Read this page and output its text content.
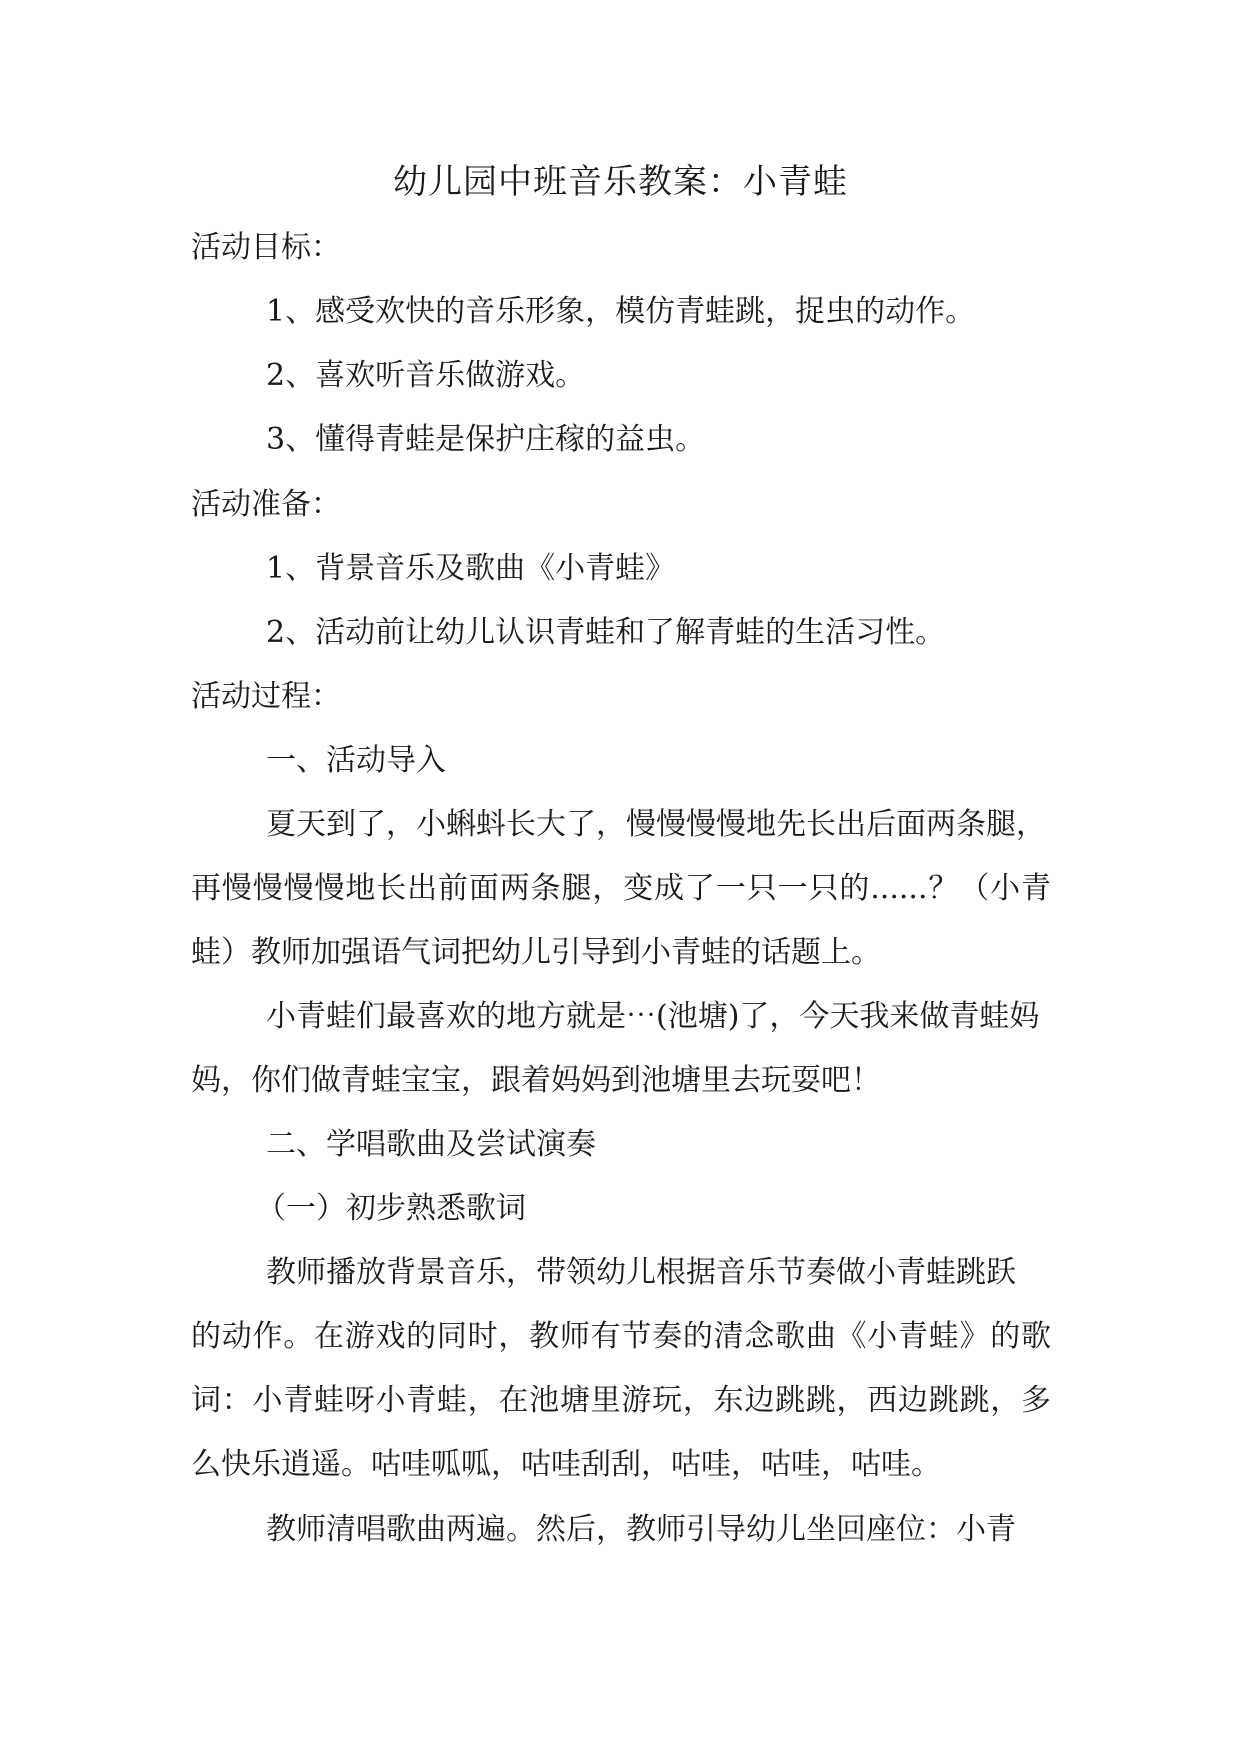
幼儿园中班音乐教案：小青蛙
活动目标：
1、感受欢快的音乐形象，模仿青蛙跳，捉虫的动作。
2、喜欢听音乐做游戏。
3、懂得青蛙是保护庄稼的益虫。
活动准备：
1、背景音乐及歌曲《小青蛙》
2、活动前让幼儿认识青蛙和了解青蛙的生活习性。
活动过程：
一、活动导入
夏天到了，小蝌蚪长大了，慢慢慢慢地先长出后面两条腿，
再慢慢慢慢地长出前面两条腿，变成了一只一只的......？（小青
蛙）教师加强语气词把幼儿引导到小青蛙的话题上。
小青蛙们最喜欢的地方就是⋯(池塘)了，今天我来做青蛙妈
妈，你们做青蛙宝宝，跟着妈妈到池塘里去玩耍吧！
二、学唱歌曲及尝试演奏
（一）初步熟悉歌词
教师播放背景音乐，带领幼儿根据音乐节奏做小青蛙跳跃
的动作。在游戏的同时，教师有节奏的清念歌曲《小青蛙》的歌
词：小青蛙呀小青蛙，在池塘里游玩，东边跳跳，西边跳跳，多
么快乐逍遥。咕哇呱呱，咕哇刮刮，咕哇，咕哇，咕哇。
教师清唱歌曲两遍。然后，教师引导幼儿坐回座位：小青
